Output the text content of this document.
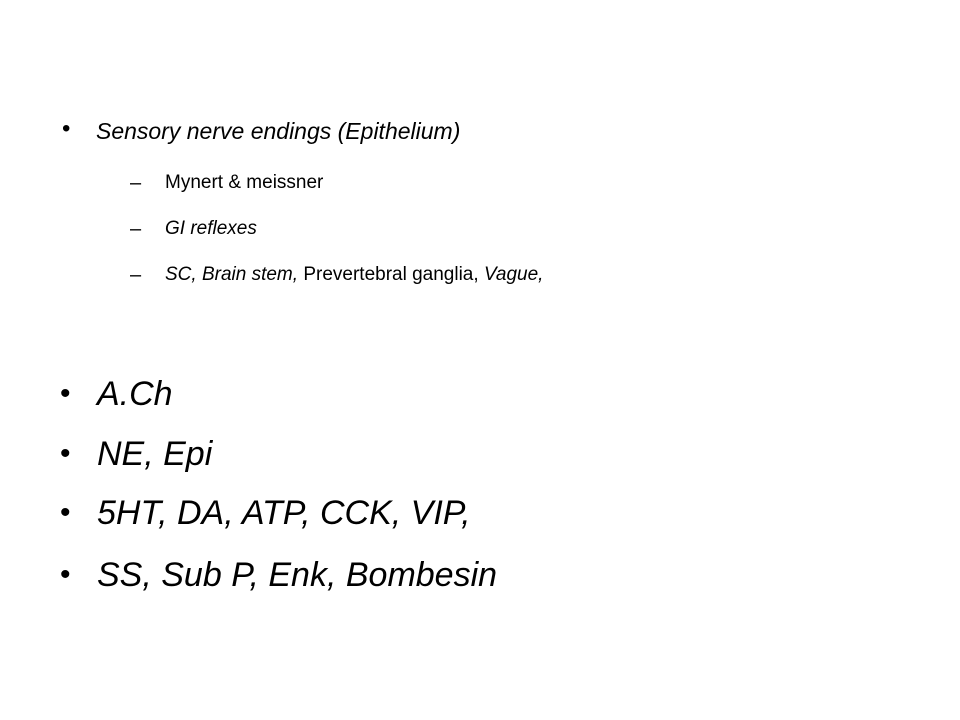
• Sensory nerve endings (Epithelium)
– Mynert & meissner
– GI reflexes
– SC, Brain stem, Prevertebral ganglia, Vague,
• A.Ch
• NE, Epi
• 5HT, DA, ATP, CCK, VIP,
• SS, Sub P, Enk, Bombesin
